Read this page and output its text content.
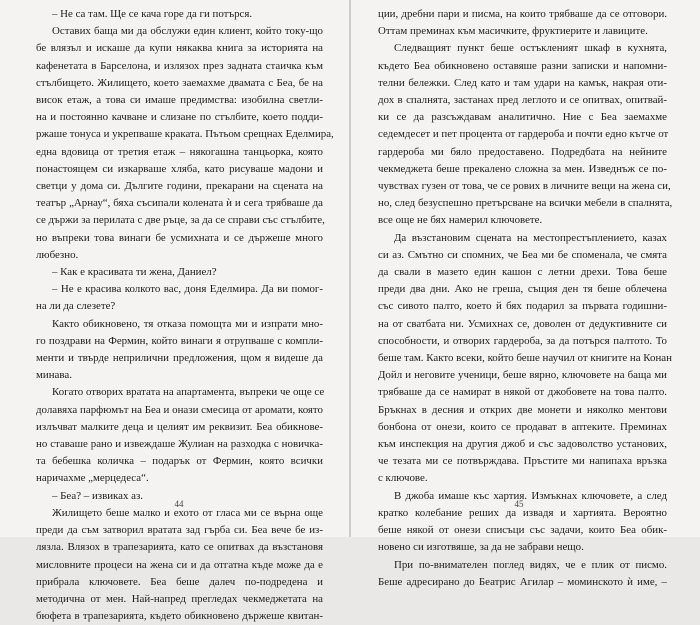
– Не са там. Ще се качa горе да ги потърся.
Оставих баща ми да обслужи един клиент, който току-що
бе влязъл и искаше да купи някаква книга за историята на
кафенетата в Барселона, и излязох през задната стаичка към
стълбището. Жилището, което заемахме двамата с Беа, бе на
висок етаж, а това си имаше предимства: изобилна светли-
на и постоянно качване и слизане по стълбите, което подди-
ржаше тонуса и укрепваше краката. Пътьом срещнах Еделмира,
една вдовица от третия етаж – някогашна танцьорка, която
понастоящем си изкарваше хляба, като рисуваше мадони и
светци у дома си. Дългите години, прекарани на сцената на
театър „Арнау“, бяха съсипали колената ѝ и сега трябваше да
се държи за перилата с две ръце, за да се справи със стълбите,
но въпреки това винаги бе усмихната и се държеше много
любезно.
– Как е красивата ти жена, Даниел?
– Не е красива колкото вас, доня Еделмира. Да ви помог-
на ли да слезете?
Както обикновено, тя отказа помощта ми и изпрати мно-
го поздрави на Фермин, който винаги я отрупваше с компли-
менти и твърде неприлични предложения, щом я видеше да
минава.
Когато отворих вратата на апартамента, въпреки че още се
долавяха парфюмът на Беа и онази смесица от аромати, която
излъчват малките деца и целият им реквизит. Беа обикнове-
но ставаше рано и извеждаше Жулиан на разходка с новичка-
та бебешка количка – подарък от Фермин, която всички
наричахме „мерцедеса“.
– Беа? – извиках аз.
Жилището беше малко и ехото от гласа ми се върна още
преди да съм затворил вратата зад гърба си. Беа вече бе из-
лязла. Влязох в трапезарията, като се опитвах да възстановя
мисловните процеси на жена си и да отгатна къде може да е
прибрала ключовете. Беа беше далеч по-подредена и
методична от мен. Най-напред прегледах чекмеджетата на
бюфета в трапезарията, където обикновено държеше квитан-
44
ции, дребни пари и писма, на които трябваше да се отговори.
Оттам преминах към масичките, фруктиерите и лавиците.
Следващият пункт беше остъкленият шкаф в кухнята,
където Беа обикновено оставяше разни записки и напомни-
телни бележки. След като и там удари на камък, накрая оти-
дох в спалнята, застанах пред леглото и се опитвах, опитвай-
ки се да разсъждавам аналитично. Ние с Беа заемахме
седемдесет и пет процента от гардероба и почти едно кътче от
гардероба ми бяло предоставено. Подредбата на нейните
чекмеджета беше прекалено сложна за мен. Изведнъж се по-
чувствах гузен от това, че се рових в личните вещи на жена си,
но, след безуспешно претърсване на всички мебели в спалнята,
все още не бях намерил ключовете.
Да възстановим сцената на местопрестъплението, казах
си аз. Смътно си спомних, че Беа ми бе споменала, че смята
да свали в мазето един кашон с летни дрехи. Това беше
преди два дни. Ако не греша, същия ден тя беше облечена
със сивото палто, което й бях подарил за първата годишни-
на от сватбата ни. Усмихнах се, доволен от дедуктивните си
способности, и отворих гардероба, за да потърся палтото. То
беше там. Както всеки, който беше научил от книгите на Конан
Дойл и неговите ученици, беше вярно, ключовете на баща ми
трябваше да се намират в някой от джобовете на това палто.
Бръкнах в десния и открих две монети и няколко ментови
бонбона от онези, които се продават в аптеките. Преминах
към инспекция на другия джоб и със задоволство установих,
че тезата ми се потвърждава. Пръстите ми напипаха връзка
с ключове.
В джоба имаше къс хартия. Измъкнах ключовете, а след
кратко колебание реших да извадя и хартията. Вероятно
беше някой от онези списъци със задачи, които Беа обик-
новено си изготвяше, за да не забрави нещо.
При по-внимателен поглед видях, че е плик от писмо.
Беше адресирано до Беатрис Агилар – моминското ѝ име, –
45
